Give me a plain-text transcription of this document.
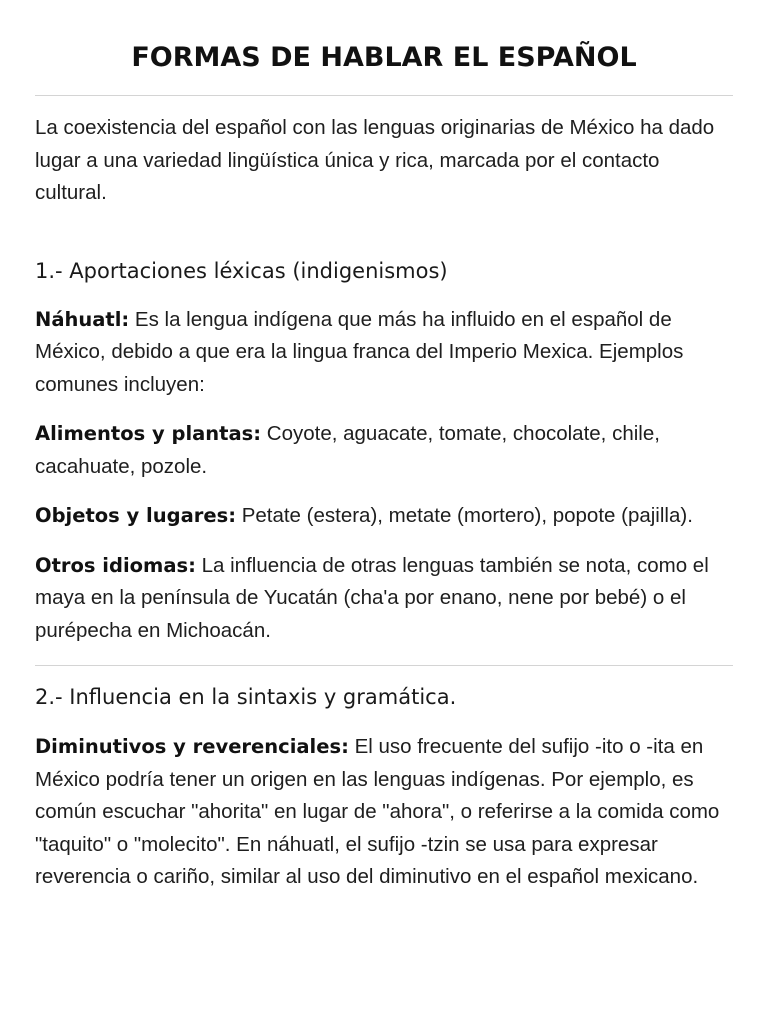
FORMAS DE HABLAR EL ESPAÑOL

La coexistencia del español con las lenguas originarias de México ha dado lugar a una variedad lingüística única y rica, marcada por el contacto cultural.

1.- Aportaciones léxicas (indigenismos)

Náhuatl: Es la lengua indígena que más ha influido en el español de México, debido a que era la lingua franca del Imperio Mexica. Ejemplos comunes incluyen:

Alimentos y plantas: Coyote, aguacate, tomate, chocolate, chile, cacahuate, pozole.

Objetos y lugares: Petate (estera), metate (mortero), popote (pajilla).

Otros idiomas: La influencia de otras lenguas también se nota, como el maya en la península de Yucatán (cha'a por enano, nene por bebé) o el purépecha en Michoacán.

2.- Influencia en la sintaxis y gramática.

Diminutivos y reverenciales: El uso frecuente del sufijo -ito o -ita en México podría tener un origen en las lenguas indígenas. Por ejemplo, es común escuchar "ahorita" en lugar de "ahora", o referirse a la comida como "taquito" o "molecito". En náhuatl, el sufijo -tzin se usa para expresar reverencia o cariño, similar al uso del diminutivo en el español mexicano.
